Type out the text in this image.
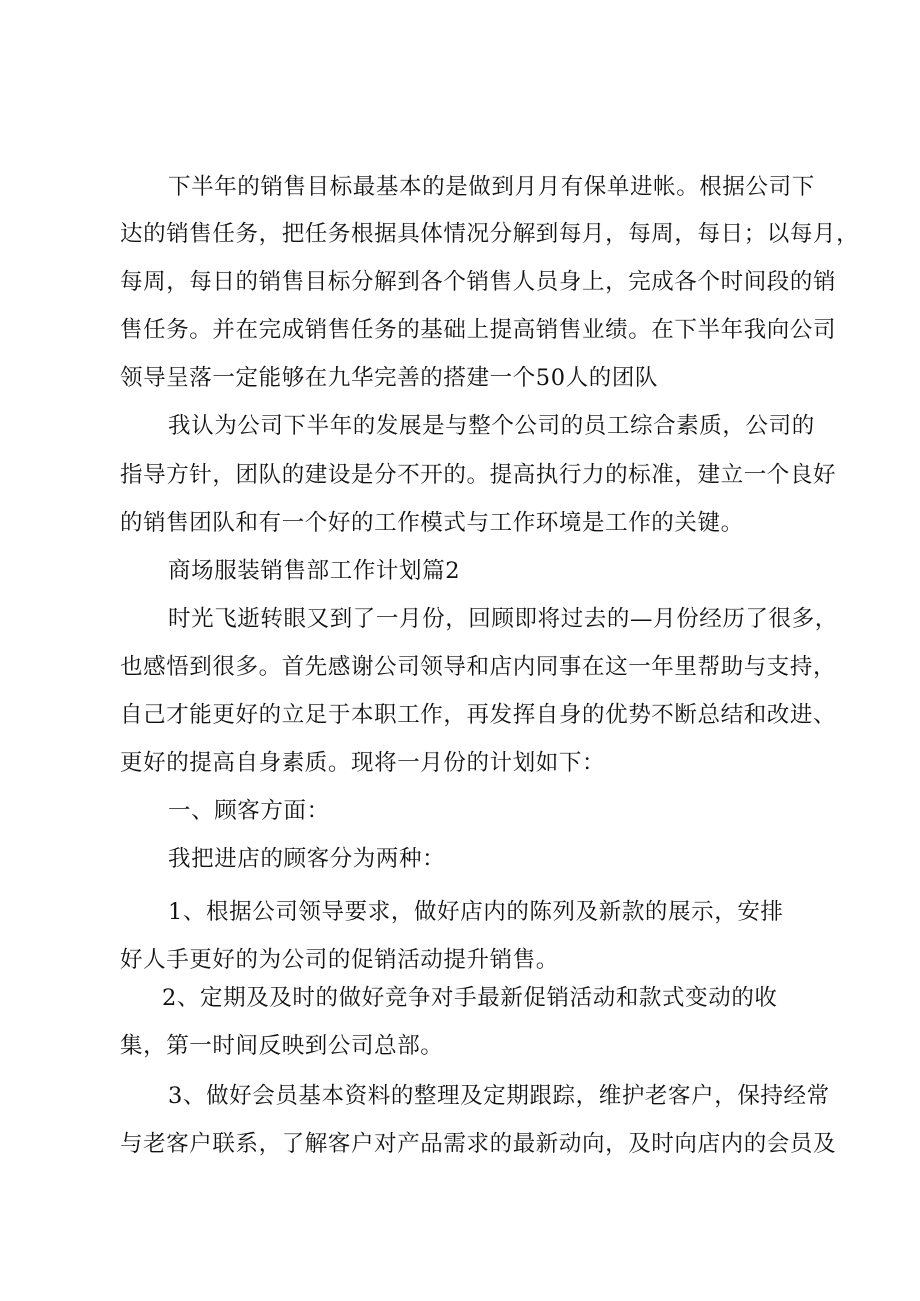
下半年的销售目标最基本的是做到月月有保单进帐。根据公司下
达的销售任务，把任务根据具体情况分解到每月，每周，每日；以每月，
每周，每日的销售目标分解到各个销售人员身上，完成各个时间段的销
售任务。并在完成销售任务的基础上提高销售业绩。在下半年我向公司
领导呈落一定能够在九华完善的搭建一个50人的团队
我认为公司下半年的发展是与整个公司的员工综合素质，公司的
指导方针，团队的建设是分不开的。提高执行力的标准，建立一个良好
的销售团队和有一个好的工作模式与工作环境是工作的关键。
商场服装销售部工作计划篇2
时光飞逝转眼又到了一月份，回顾即将过去的—月份经历了很多，
也感悟到很多。首先感谢公司领导和店内同事在这一年里帮助与支持，
自己才能更好的立足于本职工作，再发挥自身的优势不断总结和改进、
更好的提高自身素质。现将一月份的计划如下：
一、顾客方面：
我把进店的顾客分为两种：
1、根据公司领导要求，做好店内的陈列及新款的展示，安排
好人手更好的为公司的促销活动提升销售。
2、定期及及时的做好竞争对手最新促销活动和款式变动的收
集，第一时间反映到公司总部。
3、做好会员基本资料的整理及定期跟踪，维护老客户，保持经常
与老客户联系，了解客户对产品需求的最新动向，及时向店内的会员及
